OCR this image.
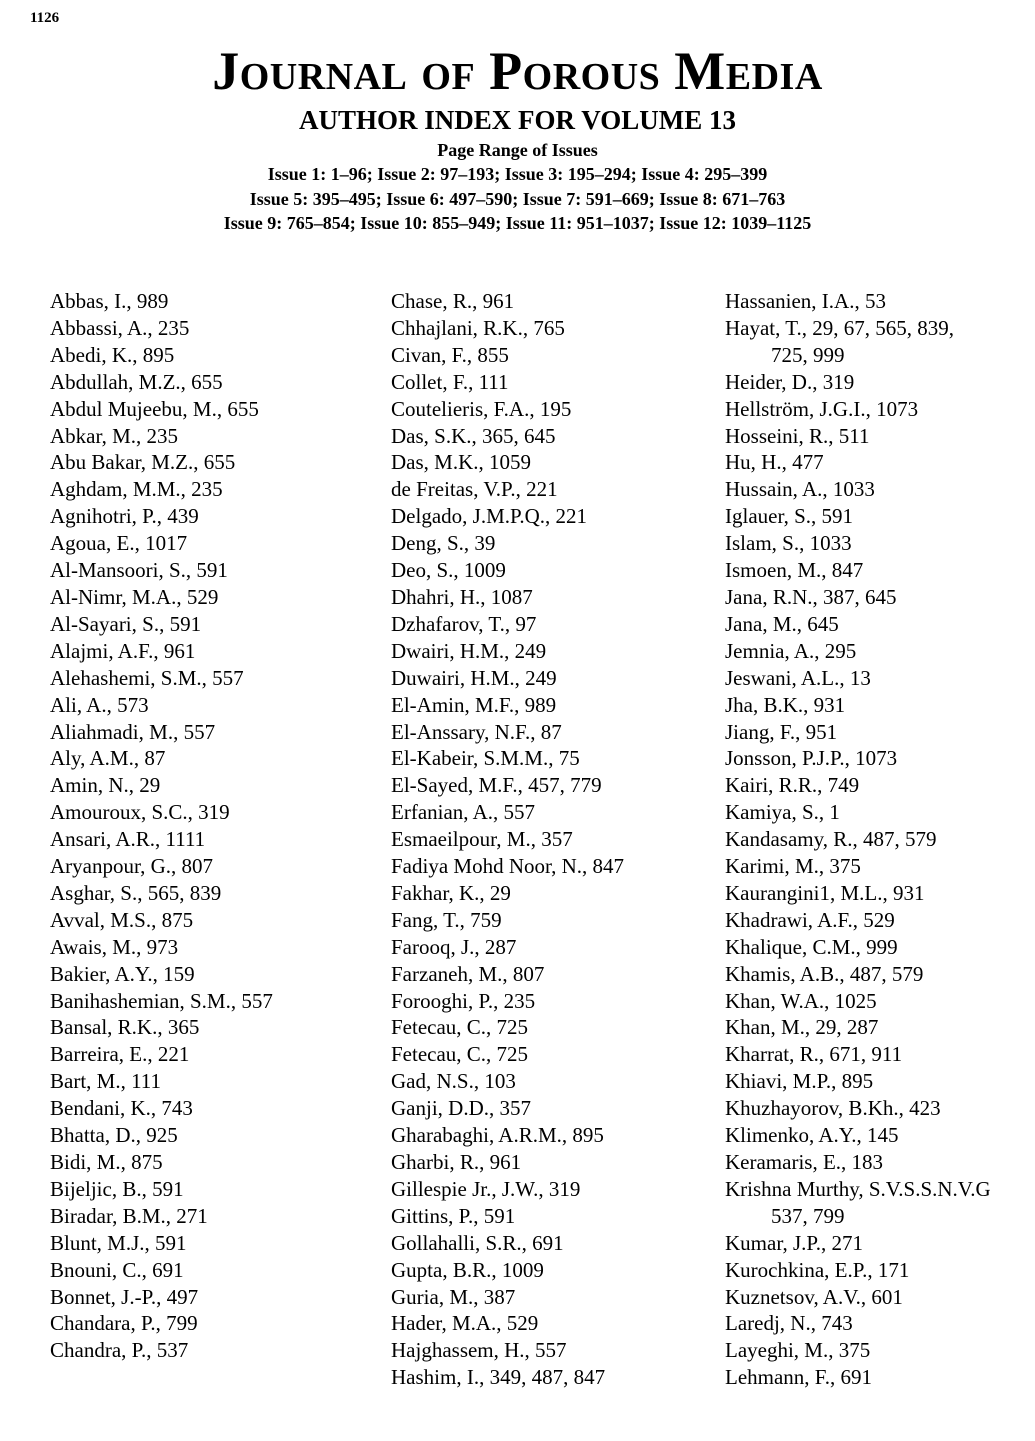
1126
Journal of Porous Media
AUTHOR INDEX FOR VOLUME 13
Page Range of Issues
Issue 1: 1–96; Issue 2: 97–193; Issue 3: 195–294; Issue 4: 295–399
Issue 5: 395–495; Issue 6: 497–590; Issue 7: 591–669; Issue 8: 671–763
Issue 9: 765–854; Issue 10: 855–949; Issue 11: 951–1037; Issue 12: 1039–1125
Abbas, I., 989
Abbassi, A., 235
Abedi, K., 895
Abdullah, M.Z., 655
Abdul Mujeebu, M., 655
Abkar, M., 235
Abu Bakar, M.Z., 655
Aghdam, M.M., 235
Agnihotri, P., 439
Agoua, E., 1017
Al-Mansoori, S., 591
Al-Nimr, M.A., 529
Al-Sayari, S., 591
Alajmi, A.F., 961
Alehashemi, S.M., 557
Ali, A., 573
Aliahmadi, M., 557
Aly, A.M., 87
Amin, N., 29
Amouroux, S.C., 319
Ansari, A.R., 1111
Aryanpour, G., 807
Asghar, S., 565, 839
Avval, M.S., 875
Awais, M., 973
Bakier, A.Y., 159
Banihashemian, S.M., 557
Bansal, R.K., 365
Barreira, E., 221
Bart, M., 111
Bendani, K., 743
Bhatta, D., 925
Bidi, M., 875
Bijeljic, B., 591
Biradar, B.M., 271
Blunt, M.J., 591
Bnouni, C., 691
Bonnet, J.-P., 497
Chandara, P., 799
Chandra, P., 537
Chase, R., 961
Chhajlani, R.K., 765
Civan, F., 855
Collet, F., 111
Coutelieris, F.A., 195
Das, S.K., 365, 645
Das, M.K., 1059
de Freitas, V.P., 221
Delgado, J.M.P.Q., 221
Deng, S., 39
Deo, S., 1009
Dhahri, H., 1087
Dzhafarov, T., 97
Dwairi, H.M., 249
Duwairi, H.M., 249
El-Amin, M.F., 989
El-Anssary, N.F., 87
El-Kabeir, S.M.M., 75
El-Sayed, M.F., 457, 779
Erfanian, A., 557
Esmaeilpour, M., 357
Fadiya Mohd Noor, N., 847
Fakhar, K., 29
Fang, T., 759
Farooq, J., 287
Farzaneh, M., 807
Forooghi, P., 235
Fetecau, C., 725
Fetecau, C., 725
Gad, N.S., 103
Ganji, D.D., 357
Gharabaghi, A.R.M., 895
Gharbi, R., 961
Gillespie Jr., J.W., 319
Gittins, P., 591
Gollahalli, S.R., 691
Gupta, B.R., 1009
Guria, M., 387
Hader, M.A., 529
Hajghassem, H., 557
Hashim, I., 349, 487, 847
Hassanien, I.A., 53
Hayat, T., 29, 67, 565, 839,
725, 999
Heider, D., 319
Hellström, J.G.I., 1073
Hosseini, R., 511
Hu, H., 477
Hussain, A., 1033
Iglauer, S., 591
Islam, S., 1033
Ismoen, M., 847
Jana, R.N., 387, 645
Jana, M., 645
Jemnia, A., 295
Jeswani, A.L., 13
Jha, B.K., 931
Jiang, F., 951
Jonsson, P.J.P., 1073
Kairi, R.R., 749
Kamiya, S., 1
Kandasamy, R., 487, 579
Karimi, M., 375
Kauranginі1, M.L., 931
Khadrawi, A.F., 529
Khalique, C.M., 999
Khamis, A.B., 487, 579
Khan, W.A., 1025
Khan, M., 29, 287
Kharrat, R., 671, 911
Khiavi, M.P., 895
Khuzhayorov, B.Kh., 423
Klimenko, A.Y., 145
Keramaris, E., 183
Krishna Murthy, S.V.S.S.N.V.G
537, 799
Kumar, J.P., 271
Kurochkina, E.P., 171
Kuznetsov, A.V., 601
Laredj, N., 743
Layeghi, M., 375
Lehmann, F., 691
